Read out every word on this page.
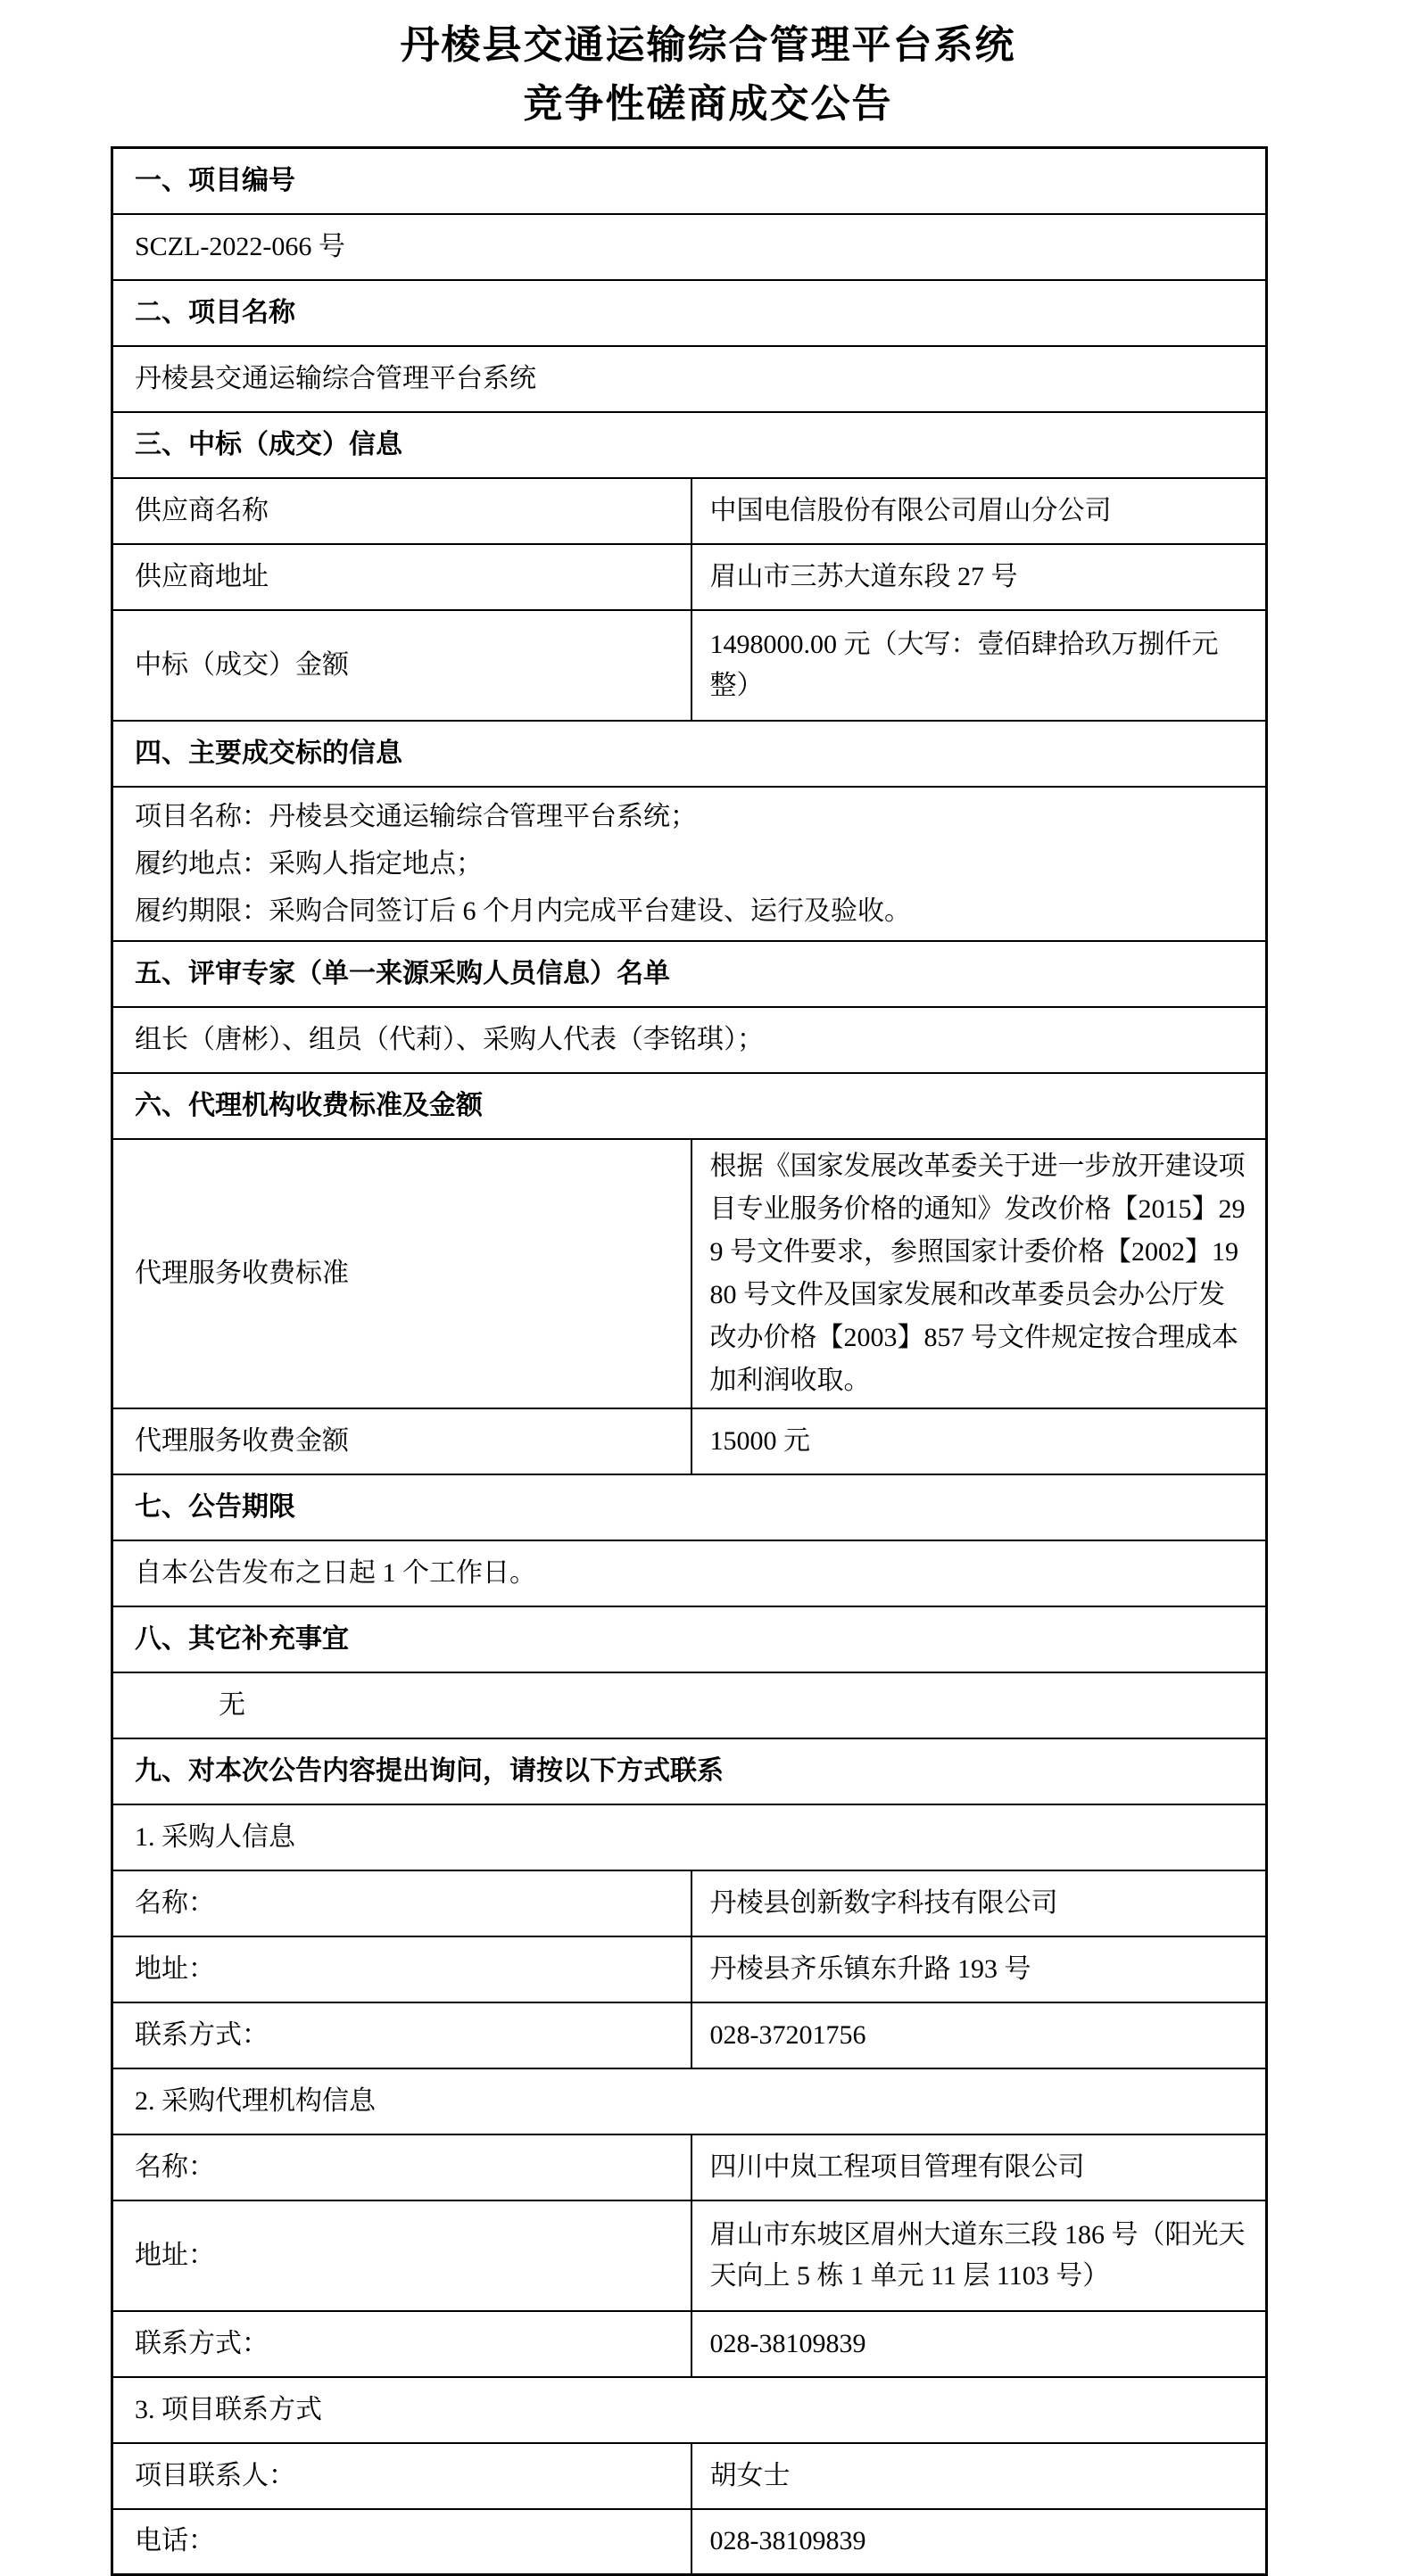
丹棱县交通运输综合管理平台系统
竞争性磋商成交公告
一、项目编号	
SCZL-2022-066 号	
二、项目名称	
丹棱县交通运输综合管理平台系统	
三、中标（成交）信息	
供应商名称	中国电信股份有限公司眉山分公司
供应商地址	眉山市三苏大道东段 27 号
中标（成交）金额	1498000.00 元（大写：壹佰肆拾玖万捌仟元整）
四、主要成交标的信息	

项目名称：丹棱县交通运输综合管理平台系统；
履约地点：采购人指定地点；
履约期限：采购合同签订后 6 个月内完成平台建设、运行及验收。	

五、评审专家（单一来源采购人员信息）名单	
组长（唐彬）、组员（代莉）、采购人代表（李铭琪）；	
六、代理机构收费标准及金额	
代理服务收费标准	根据《国家发展改革委关于进一步放开建设项目专业服务价格的通知》发改价格【2015】299 号文件要求，参照国家计委价格【2002】1980 号文件及国家发展和改革委员会办公厅发改办价格【2003】857 号文件规定按合理成本加利润收取。
代理服务收费金额	15000 元
七、公告期限	
自本公告发布之日起 1 个工作日。	
八、其它补充事宜	
无	
九、对本次公告内容提出询问，请按以下方式联系	
1. 采购人信息	
名称：	丹棱县创新数字科技有限公司
地址：	丹棱县齐乐镇东升路 193 号
联系方式：	028-37201756
2. 采购代理机构信息	
名称：	四川中岚工程项目管理有限公司
地址：	眉山市东坡区眉州大道东三段 186 号（阳光天天向上 5 栋 1 单元 11 层 1103 号）
联系方式：	028-38109839
3. 项目联系方式	
项目联系人：	胡女士
电话：	028-38109839
